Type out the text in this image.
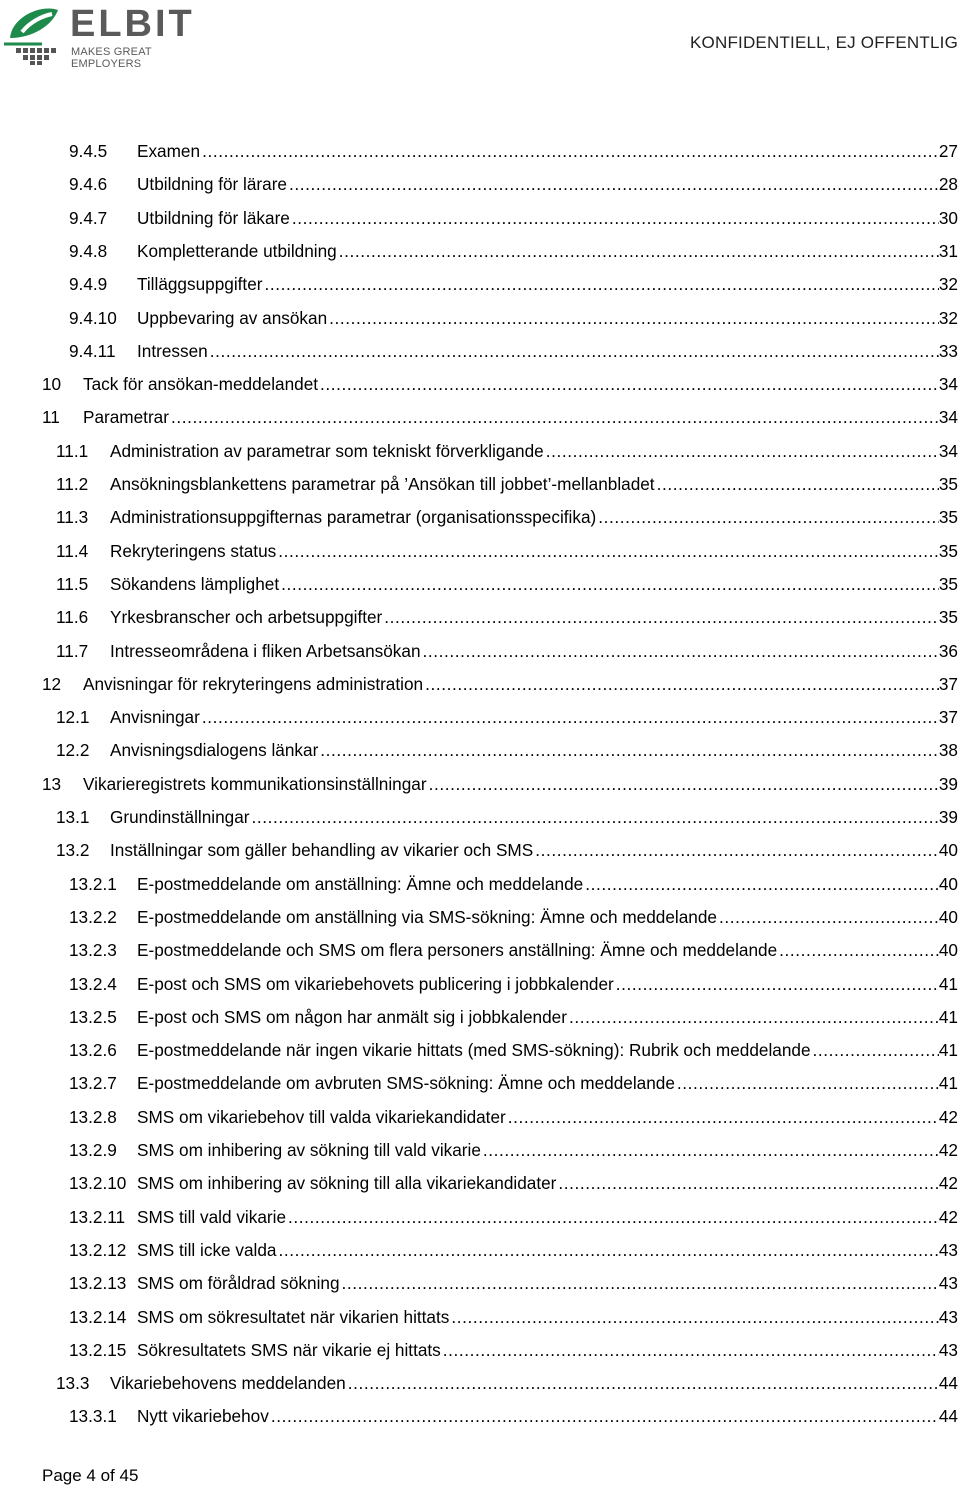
ELBIT
MAKES GREAT EMPLOYERS
KONFIDENTIELL, EJ OFFENTLIG
9.4.5	Examen .....	27
9.4.6	Utbildning för lärare .....	28
9.4.7	Utbildning för läkare .....	30
9.4.8	Kompletterande utbildning .....	31
9.4.9	Tilläggsuppgifter .....	32
9.4.10	Uppbevaring av ansökan .....	32
9.4.11	Intressen .....	33
10	Tack för ansökan-meddelandet .....	34
11	Parametrar .....	34
11.1	Administration av parametrar som tekniskt förverkligande .....	34
11.2	Ansökningsblankettens parametrar på ’Ansökan till jobbet’-mellanbladet .....	35
11.3	Administrationsuppgifternas parametrar (organisationsspecifika) .....	35
11.4	Rekryteringens status .....	35
11.5	Sökandens lämplighet .....	35
11.6	Yrkesbranscher och arbetsuppgifter .....	35
11.7	Intresseområdena i fliken Arbetsansökan .....	36
12	Anvisningar för rekryteringens administration .....	37
12.1	Anvisningar .....	37
12.2	Anvisningsdialogens länkar .....	38
13	Vikarieregistrets kommunikationsinställningar .....	39
13.1	Grundinställningar .....	39
13.2	Inställningar som gäller behandling av vikarier och SMS .....	40
13.2.1	E-postmeddelande om anställning: Ämne och meddelande .....	40
13.2.2	E-postmeddelande om anställning via SMS-sökning: Ämne och meddelande .....	40
13.2.3	E-postmeddelande och SMS om flera personers anställning: Ämne och meddelande .....	40
13.2.4	E-post och SMS om vikariebehovets publicering i jobbkalender .....	41
13.2.5	E-post och SMS om någon har anmält sig i jobbkalender .....	41
13.2.6	E-postmeddelande när ingen vikarie hittats (med SMS-sökning): Rubrik och meddelande .....	41
13.2.7	E-postmeddelande om avbruten SMS-sökning: Ämne och meddelande .....	41
13.2.8	SMS om vikariebehov till valda vikariekandidater .....	42
13.2.9	SMS om inhibering av sökning till vald vikarie .....	42
13.2.10 SMS om inhibering av sökning till alla vikariekandidater .....	42
13.2.11 SMS till vald vikarie .....	42
13.2.12 SMS till icke valda .....	43
13.2.13 SMS om föråldrad sökning .....	43
13.2.14 SMS om sökresultatet när vikarien hittats .....	43
13.2.15 Sökresultatets SMS när vikarie ej hittats .....	43
13.3	Vikariebehovens meddelanden .....	44
13.3.1	Nytt vikariebehov .....	44
Page 4 of 45
